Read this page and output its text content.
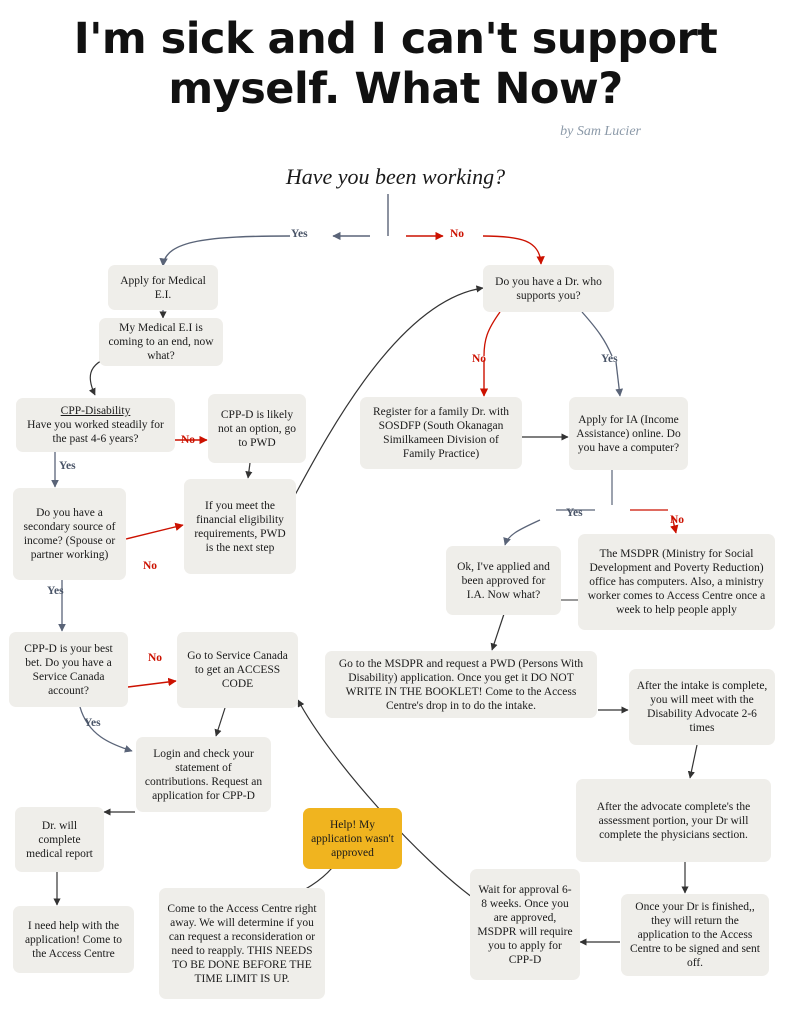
I'm sick and I can't support myself. What Now?
by Sam Lucier
Have you been working?
Yes	No
No	Yes
No
Yes
No
Yes
Yes
No
No
Yes
Apply for Medical E.I.
My Medical E.I is coming to an end, now what?
CPP-Disability
Have you worked steadily for the past 4-6 years?
CPP-D is likely not an option, go to PWD
Do you have a secondary source of income? (Spouse or partner working)
If you meet the financial eligibility requirements, PWD is the next step
CPP-D is your best bet. Do you have a Service Canada account?
Go to Service Canada to get an ACCESS CODE
Login and check your statement of contributions. Request an application for CPP-D
Dr. will complete medical report
I need help with the application! Come to the Access Centre
Do you have a Dr. who supports you?
Register for a family Dr. with SOSDFP (South Okanagan Similkameen Division of Family Practice)
Apply for IA (Income Assistance) online. Do you have a computer?
Ok, I've applied and been approved for I.A. Now what?
The MSDPR (Ministry for Social Development and Poverty Reduction) office has computers. Also, a ministry worker comes to Access Centre once a week to help people apply
Go to the MSDPR and request a PWD (Persons With Disability) application. Once you get it DO NOT WRITE IN THE BOOKLET! Come to the Access Centre's drop in to do the intake.
After the intake is complete, you will meet with the Disability Advocate 2-6 times
After the advocate complete's the assessment portion, your Dr will complete the physicians section.
Once your Dr is finished,, they will return the application to the Access Centre to be signed and sent off.
Wait for approval 6-8 weeks. Once you are approved, MSDPR will require you to apply for CPP-D
Help! My application wasn't approved
Come to the Access Centre right away. We will determine if you can request a reconsideration or need to reapply. THIS NEEDS TO BE DONE BEFORE THE TIME LIMIT IS UP.
